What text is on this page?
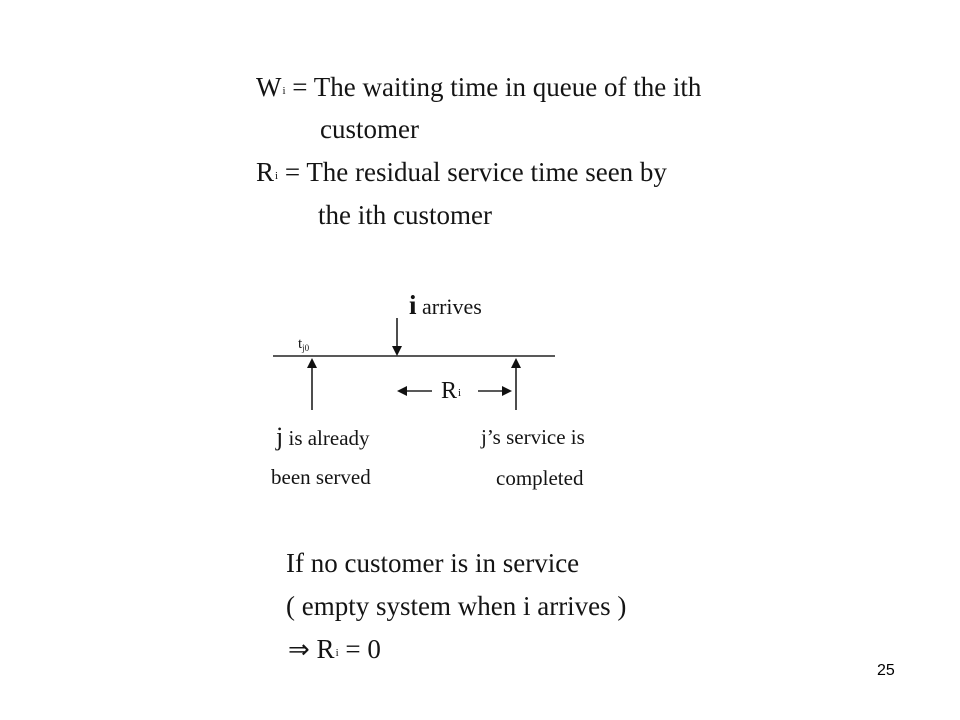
Wi = The waiting time in queue of the ith
customer
Ri = The residual service time seen by
the ith customer
i arrives
$t_{j0}$
Ri
j is already
been served
j’s service is
completed
If no customer is in service
( empty system when i arrives )
⇒ Ri = 0
25
